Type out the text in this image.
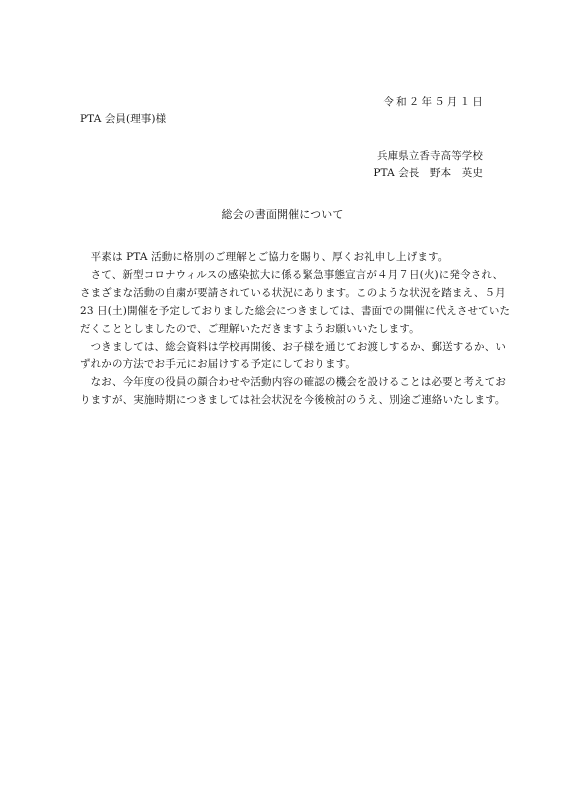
令和２年５月１日
PTA 会員(理事)様
兵庫県立香寺高等学校
PTA 会長　野本　英史
総会の書面開催について
　平素は PTA 活動に格別のご理解とご協力を賜り、厚くお礼申し上げます。
　さて、新型コロナウィルスの感染拡大に係る緊急事態宣言が４月７日(火)に発令され、
さまざまな活動の自粛が要請されている状況にあります。このような状況を踏まえ、５月
23 日(土)開催を予定しておりました総会につきましては、書面での開催に代えさせていた
だくこととしましたので、ご理解いただきますようお願いいたします。
　つきましては、総会資料は学校再開後、お子様を通じてお渡しするか、郵送するか、い
ずれかの方法でお手元にお届けする予定にしております。
　なお、今年度の役員の顔合わせや活動内容の確認の機会を設けることは必要と考えてお
りますが、実施時期につきましては社会状況を今後検討のうえ、別途ご連絡いたします。
